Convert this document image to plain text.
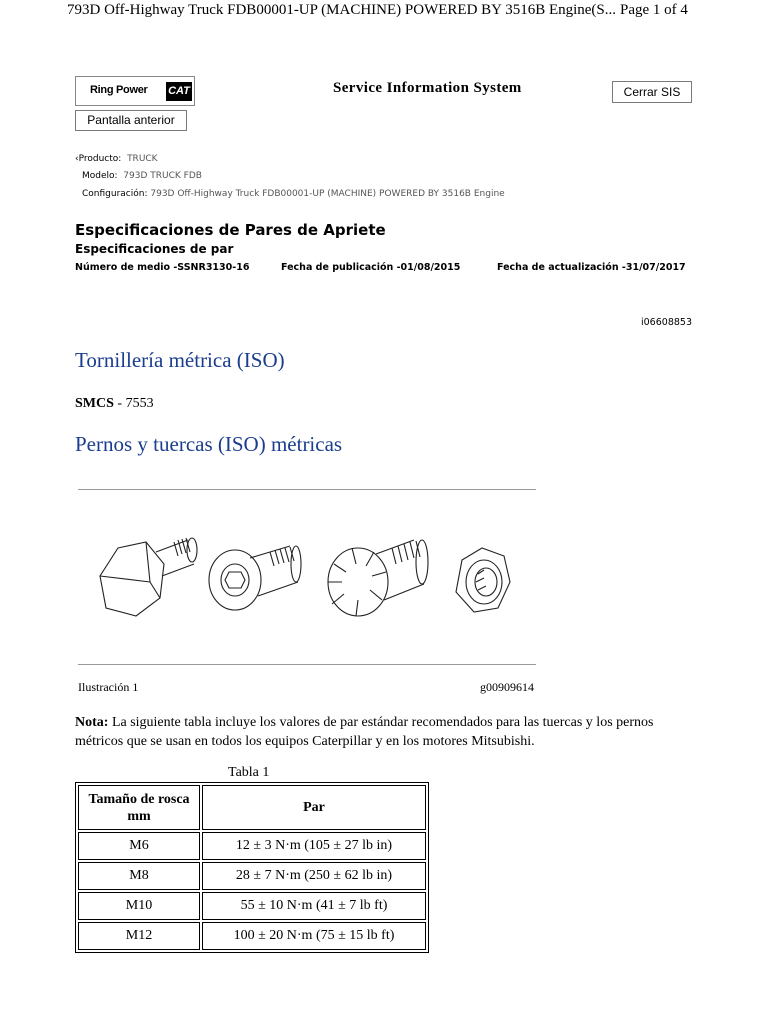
793D Off-Highway Truck FDB00001-UP (MACHINE) POWERED BY 3516B Engine(S... Page 1 of 4
Ring Power CAT	Service Information System	Cerrar SIS
Pantalla anterior
‹Producto: TRUCK
Modelo: 793D TRUCK FDB
Configuración: 793D Off-Highway Truck FDB00001-UP (MACHINE) POWERED BY 3516B Engine
Especificaciones de Pares de Apriete
Especificaciones de par
Número de medio -SSNR3130-16	Fecha de publicación -01/08/2015	Fecha de actualización -31/07/2017
i06608853
Tornillería métrica (ISO)
SMCS - 7553
Pernos y tuercas (ISO) métricas
Ilustración 1	g00909614
Nota: La siguiente tabla incluye los valores de par estándar recomendados para las tuercas y los pernos métricos que se usan en todos los equipos Caterpillar y en los motores Mitsubishi.
Tabla 1
Tamaño de rosca
mm	Par
M6	12 ± 3 N·m (105 ± 27 lb in)
M8	28 ± 7 N·m (250 ± 62 lb in)
M10	55 ± 10 N·m (41 ± 7 lb ft)
M12	100 ± 20 N·m (75 ± 15 lb ft)
